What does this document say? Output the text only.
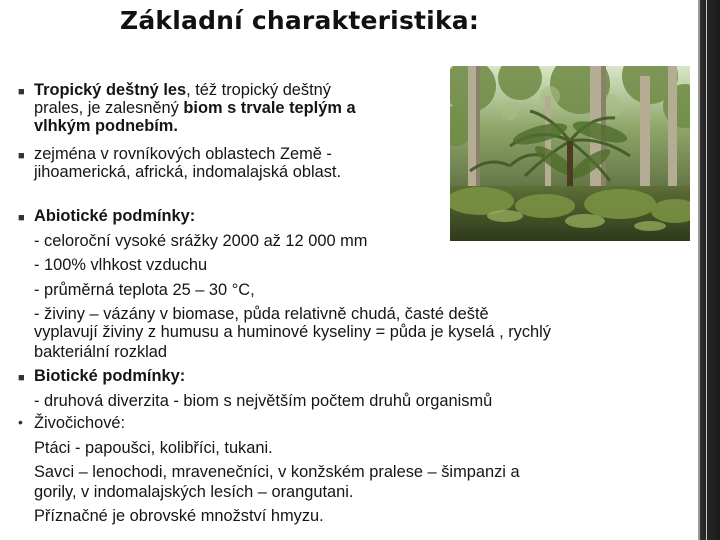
Základní charakteristika:
■ Tropický deštný les, též tropický deštný
prales, je zalesněný biom s trvale teplým a
vlhkým podnebím.
■ zejména v rovníkových oblastech Země -
jihoamerická, africká, indomalajská oblast.
■ Abiotické podmínky:
- celoroční vysoké srážky 2000 až 12 000 mm
- 100% vlhkost vzduchu
- průměrná teplota 25 – 30 °C,
- živiny – vázány v biomase, půda relativně chudá, časté deště
vyplavují živiny z humusu a huminové kyseliny = půda je kyselá , rychlý
bakteriální rozklad
■ Biotické podmínky:
- druhová diverzita - biom s největším počtem druhů organismů
• Živočichové:
Ptáci - papoušci, kolibříci, tukani.
Savci – lenochodi, mravenečníci, v konžském pralese – šimpanzi a
gorily, v indomalajských lesích – orangutani.
Příznačné je obrovské množství hmyzu.
